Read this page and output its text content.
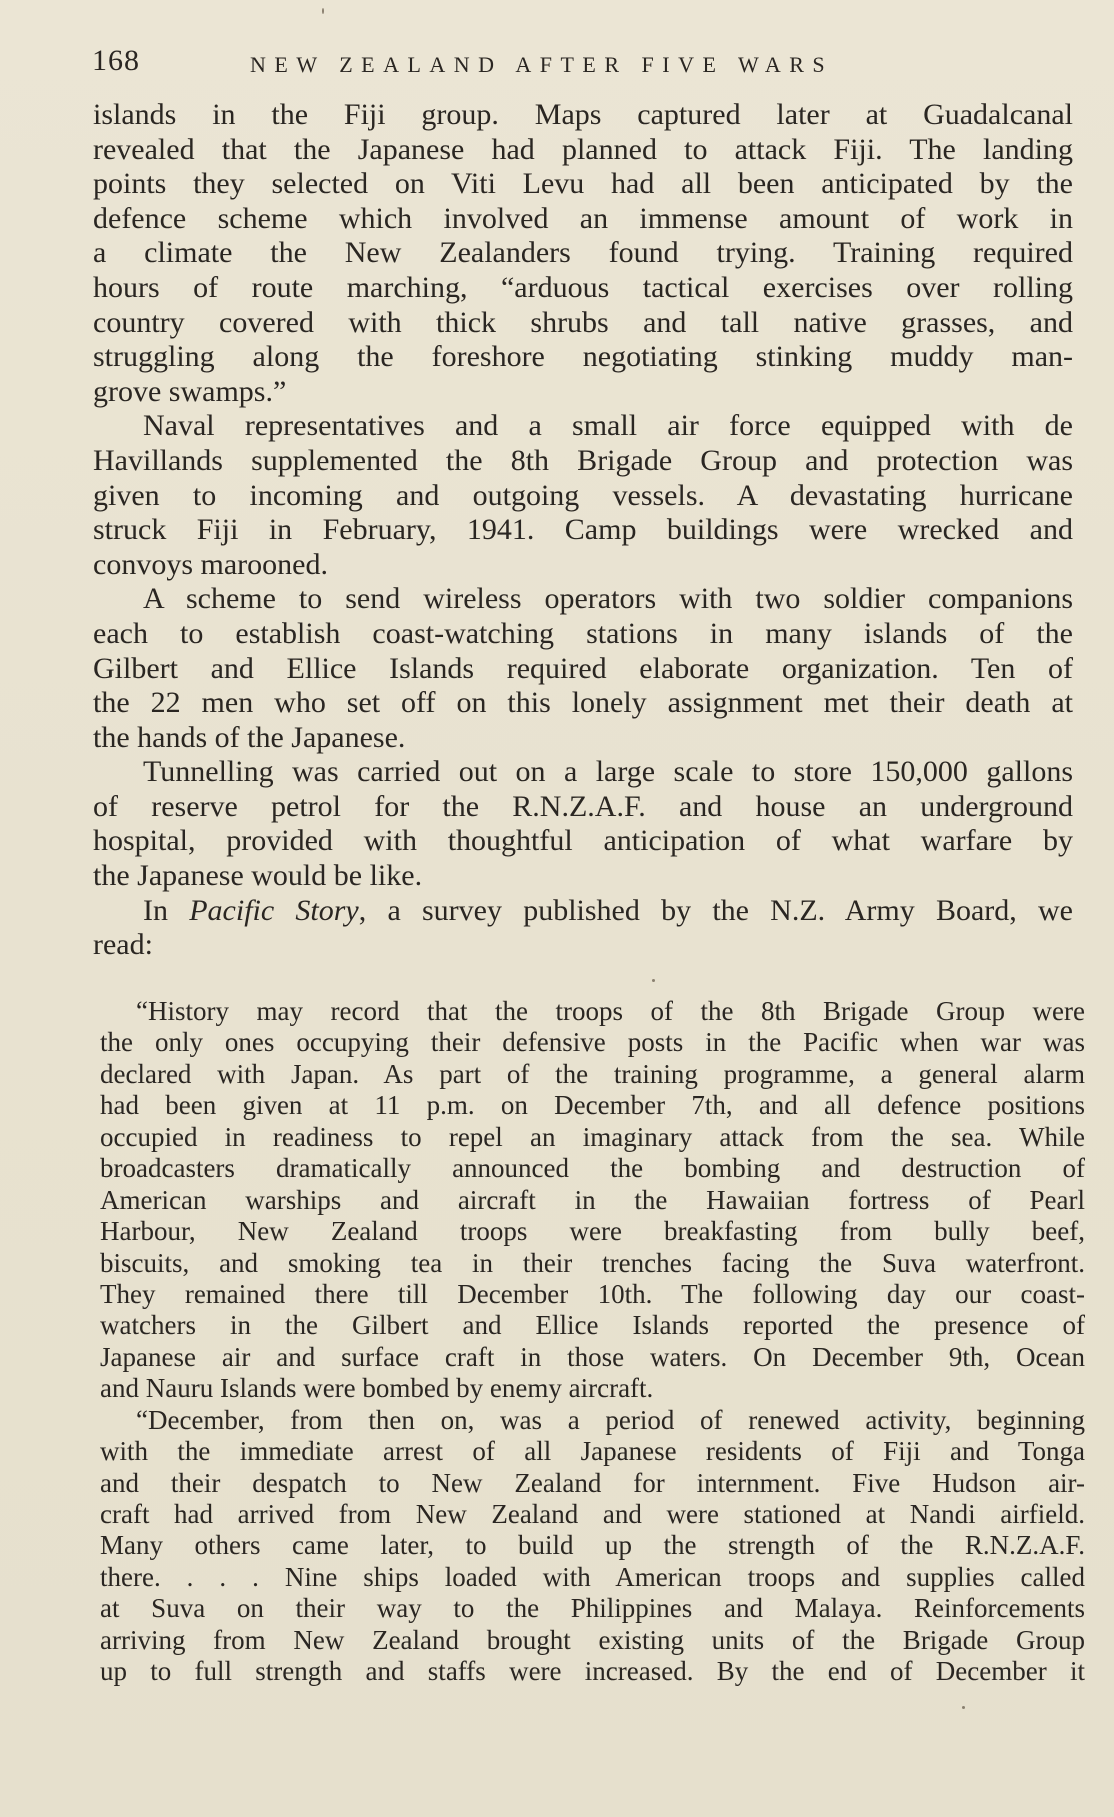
168	NEW ZEALAND AFTER FIVE WARS
islands in the Fiji group. Maps captured later at Guadalcanal
revealed that the Japanese had planned to attack Fiji. The landing
points they selected on Viti Levu had all been anticipated by the
defence scheme which involved an immense amount of work in
a climate the New Zealanders found trying. Training required
hours of route marching, “arduous tactical exercises over rolling
country covered with thick shrubs and tall native grasses, and
struggling along the foreshore negotiating stinking muddy man-
grove swamps.”
Naval representatives and a small air force equipped with de
Havillands supplemented the 8th Brigade Group and protection was
given to incoming and outgoing vessels. A devastating hurricane
struck Fiji in February, 1941. Camp buildings were wrecked and
convoys marooned.
A scheme to send wireless operators with two soldier companions
each to establish coast-watching stations in many islands of the
Gilbert and Ellice Islands required elaborate organization. Ten of
the 22 men who set off on this lonely assignment met their death at
the hands of the Japanese.
Tunnelling was carried out on a large scale to store 150,000 gallons
of reserve petrol for the R.N.Z.A.F. and house an underground
hospital, provided with thoughtful anticipation of what warfare by
the Japanese would be like.
In Pacific Story, a survey published by the N.Z. Army Board, we
read:
“History may record that the troops of the 8th Brigade Group were
the only ones occupying their defensive posts in the Pacific when war was
declared with Japan. As part of the training programme, a general alarm
had been given at 11 p.m. on December 7th, and all defence positions
occupied in readiness to repel an imaginary attack from the sea. While
broadcasters dramatically announced the bombing and destruction of
American warships and aircraft in the Hawaiian fortress of Pearl
Harbour, New Zealand troops were breakfasting from bully beef,
biscuits, and smoking tea in their trenches facing the Suva waterfront.
They remained there till December 10th. The following day our coast-
watchers in the Gilbert and Ellice Islands reported the presence of
Japanese air and surface craft in those waters. On December 9th, Ocean
and Nauru Islands were bombed by enemy aircraft.
“December, from then on, was a period of renewed activity, beginning
with the immediate arrest of all Japanese residents of Fiji and Tonga
and their despatch to New Zealand for internment. Five Hudson air-
craft had arrived from New Zealand and were stationed at Nandi airfield.
Many others came later, to build up the strength of the R.N.Z.A.F.
there. . . . Nine ships loaded with American troops and supplies called
at Suva on their way to the Philippines and Malaya. Reinforcements
arriving from New Zealand brought existing units of the Brigade Group
up to full strength and staffs were increased. By the end of December it
